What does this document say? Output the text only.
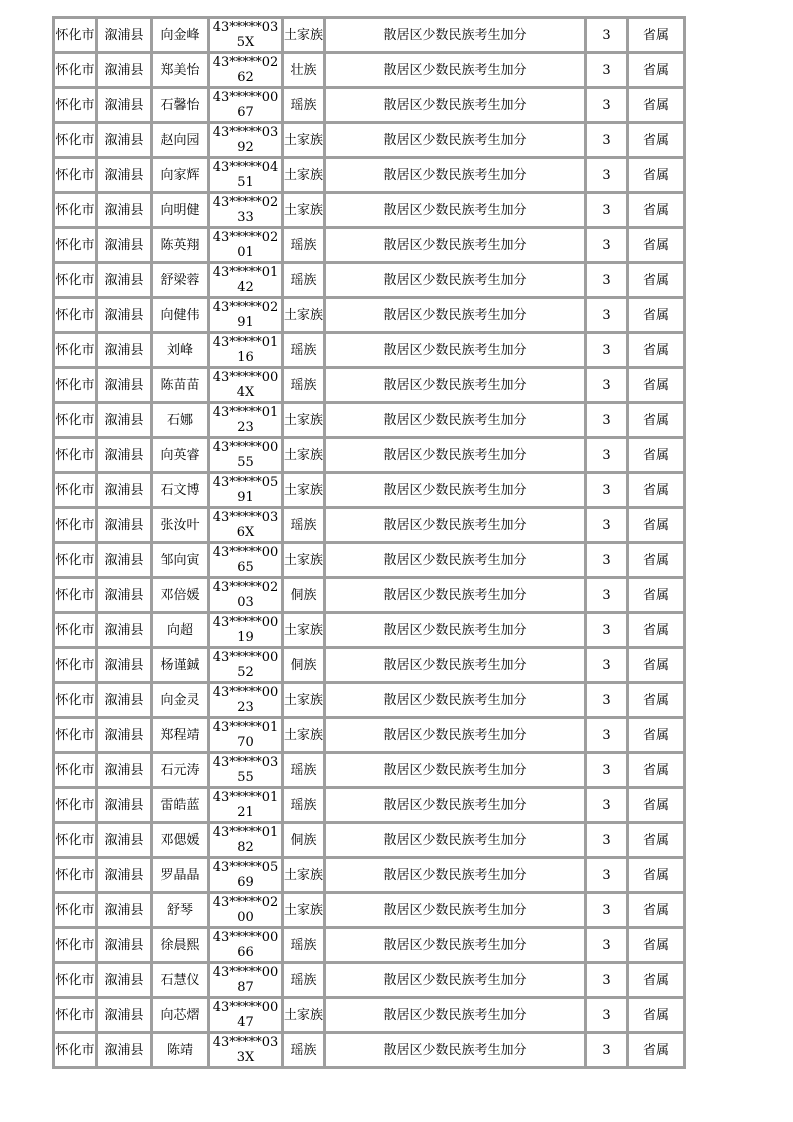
怀化市	溆浦县	向金峰	43*****035X	土家族	散居区少数民族考生加分	3	省属

怀化市	溆浦县	郑美怡	43*****0262	壮族	散居区少数民族考生加分	3	省属

怀化市	溆浦县	石馨怡	43*****0067	瑶族	散居区少数民族考生加分	3	省属

怀化市	溆浦县	赵向园	43*****0392	土家族	散居区少数民族考生加分	3	省属

怀化市	溆浦县	向家辉	43*****0451	土家族	散居区少数民族考生加分	3	省属

怀化市	溆浦县	向明健	43*****0233	土家族	散居区少数民族考生加分	3	省属

怀化市	溆浦县	陈英翔	43*****0201	瑶族	散居区少数民族考生加分	3	省属

怀化市	溆浦县	舒梁蓉	43*****0142	瑶族	散居区少数民族考生加分	3	省属

怀化市	溆浦县	向健伟	43*****0291	土家族	散居区少数民族考生加分	3	省属

怀化市	溆浦县	刘峰	43*****0116	瑶族	散居区少数民族考生加分	3	省属

怀化市	溆浦县	陈苗苗	43*****004X	瑶族	散居区少数民族考生加分	3	省属

怀化市	溆浦县	石娜	43*****0123	土家族	散居区少数民族考生加分	3	省属

怀化市	溆浦县	向英睿	43*****0055	土家族	散居区少数民族考生加分	3	省属

怀化市	溆浦县	石文博	43*****0591	土家族	散居区少数民族考生加分	3	省属

怀化市	溆浦县	张汝叶	43*****036X	瑶族	散居区少数民族考生加分	3	省属

怀化市	溆浦县	邹向寅	43*****0065	土家族	散居区少数民族考生加分	3	省属

怀化市	溆浦县	邓倍媛	43*****0203	侗族	散居区少数民族考生加分	3	省属

怀化市	溆浦县	向超	43*****0019	土家族	散居区少数民族考生加分	3	省属

怀化市	溆浦县	杨谨鋮	43*****0052	侗族	散居区少数民族考生加分	3	省属

怀化市	溆浦县	向金灵	43*****0023	土家族	散居区少数民族考生加分	3	省属

怀化市	溆浦县	郑程靖	43*****0170	土家族	散居区少数民族考生加分	3	省属

怀化市	溆浦县	石元涛	43*****0355	瑶族	散居区少数民族考生加分	3	省属

怀化市	溆浦县	雷皓蓝	43*****0121	瑶族	散居区少数民族考生加分	3	省属

怀化市	溆浦县	邓偲媛	43*****0182	侗族	散居区少数民族考生加分	3	省属

怀化市	溆浦县	罗晶晶	43*****0569	土家族	散居区少数民族考生加分	3	省属

怀化市	溆浦县	舒琴	43*****0200	土家族	散居区少数民族考生加分	3	省属

怀化市	溆浦县	徐晨熙	43*****0066	瑶族	散居区少数民族考生加分	3	省属

怀化市	溆浦县	石慧仪	43*****0087	瑶族	散居区少数民族考生加分	3	省属

怀化市	溆浦县	向芯熠	43*****0047	土家族	散居区少数民族考生加分	3	省属

怀化市	溆浦县	陈靖	43*****033X	瑶族	散居区少数民族考生加分	3	省属
